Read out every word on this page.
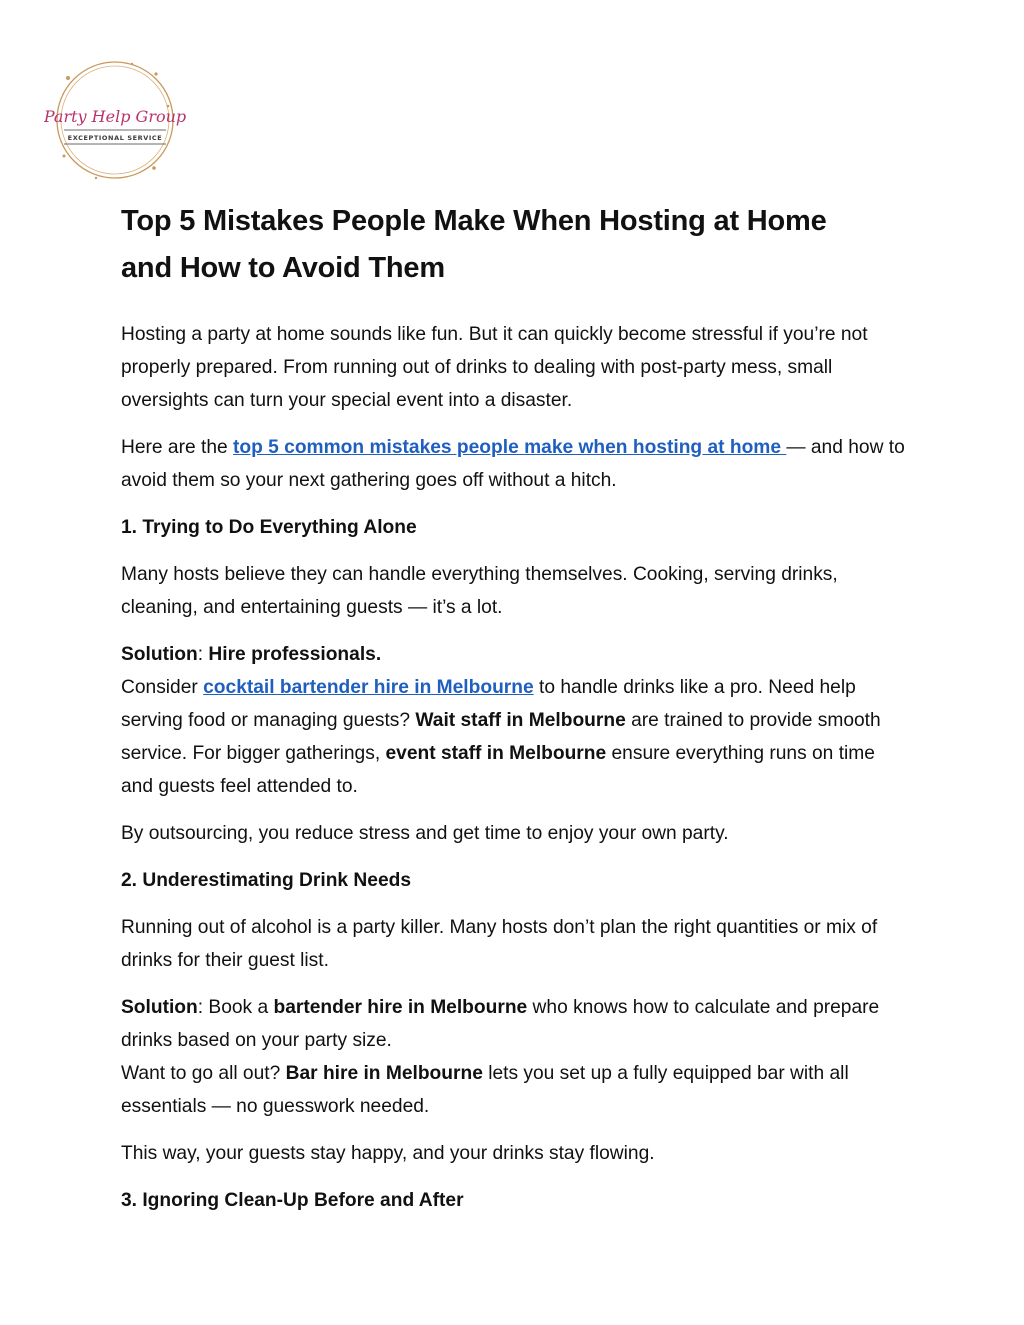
Party Help Group
EXCEPTIONAL SERVICE
Top 5 Mistakes People Make When Hosting at Home
and How to Avoid Them

Hosting a party at home sounds like fun. But it can quickly become stressful if you’re not properly prepared. From running out of drinks to dealing with post-party mess, small oversights can turn your special event into a disaster.

Here are the top 5 common mistakes people make when hosting at home — and how to avoid them so your next gathering goes off without a hitch.

1. Trying to Do Everything Alone

Many hosts believe they can handle everything themselves. Cooking, serving drinks, cleaning, and entertaining guests — it’s a lot.

Solution: Hire professionals.
Consider cocktail bartender hire in Melbourne to handle drinks like a pro. Need help serving food or managing guests? Wait staff in Melbourne are trained to provide smooth service. For bigger gatherings, event staff in Melbourne ensure everything runs on time and guests feel attended to.

By outsourcing, you reduce stress and get time to enjoy your own party.

2. Underestimating Drink Needs

Running out of alcohol is a party killer. Many hosts don’t plan the right quantities or mix of drinks for their guest list.

Solution: Book a bartender hire in Melbourne who knows how to calculate and prepare drinks based on your party size.
Want to go all out? Bar hire in Melbourne lets you set up a fully equipped bar with all essentials — no guesswork needed.

This way, your guests stay happy, and your drinks stay flowing.

3. Ignoring Clean-Up Before and After
